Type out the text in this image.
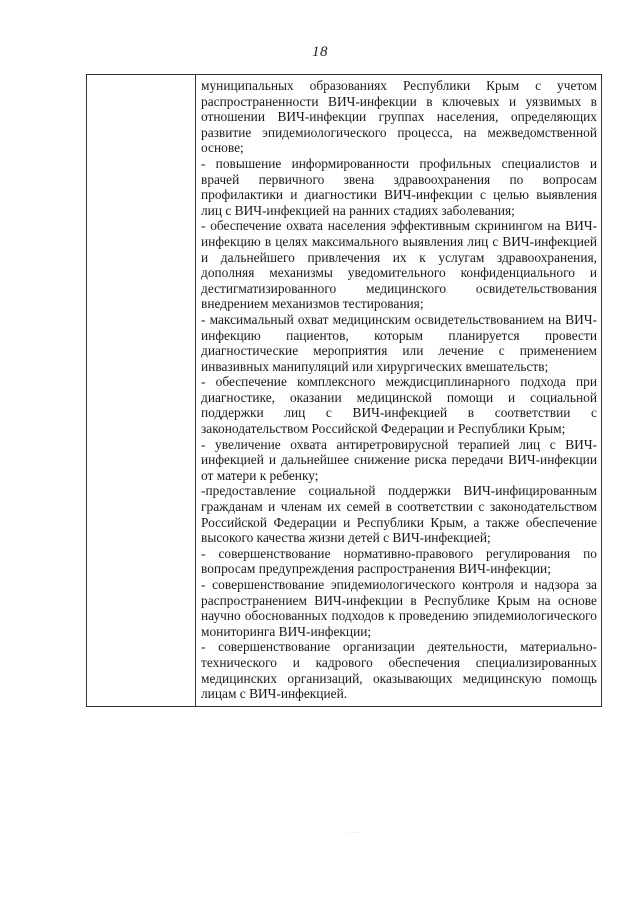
18

муниципальных образованиях Республики Крым с учетом распространенности ВИЧ-инфекции в ключевых и уязвимых в отношении ВИЧ-инфекции группах населения, определяющих развитие эпидемиологического процесса, на межведомственной основе;

- повышение информированности профильных специалистов и врачей первичного звена здравоохранения по вопросам профилактики и диагностики ВИЧ-инфекции с целью выявления лиц с ВИЧ-инфекцией на ранних стадиях заболевания;

- обеспечение охвата населения эффективным скринингом на ВИЧ-инфекцию в целях максимального выявления лиц с ВИЧ-инфекцией и дальнейшего привлечения их к услугам здравоохранения, дополняя механизмы уведомительного конфиденциального и дестигматизированного медицинского освидетельствования внедрением механизмов тестирования;

- максимальный охват медицинским освидетельствованием на ВИЧ-инфекцию пациентов, которым планируется провести диагностические мероприятия или лечение с применением инвазивных манипуляций или хирургических вмешательств;

- обеспечение комплексного междисциплинарного подхода при диагностике, оказании медицинской помощи и социальной поддержки лиц с ВИЧ-инфекцией в соответствии с законодательством Российской Федерации и Республики Крым;

- увеличение охвата антиретровирусной терапией лиц с ВИЧ-инфекцией и дальнейшее снижение риска передачи ВИЧ-инфекции от матери к ребенку;

-предоставление социальной поддержки ВИЧ-инфицированным гражданам и членам их семей в соответствии с законодательством Российской Федерации и Республики Крым, а также обеспечение высокого качества жизни детей с ВИЧ-инфекцией;

- совершенствование нормативно-правового регулирования по вопросам предупреждения распространения ВИЧ-инфекции;

- совершенствование эпидемиологического контроля и надзора за распространением ВИЧ-инфекции в Республике Крым на основе научно обоснованных подходов к проведению эпидемиологического мониторинга ВИЧ-инфекции;

- совершенствование организации деятельности, материально-технического и кадрового обеспечения специализированных медицинских организаций, оказывающих медицинскую помощь лицам с ВИЧ-инфекцией.

· · ·
